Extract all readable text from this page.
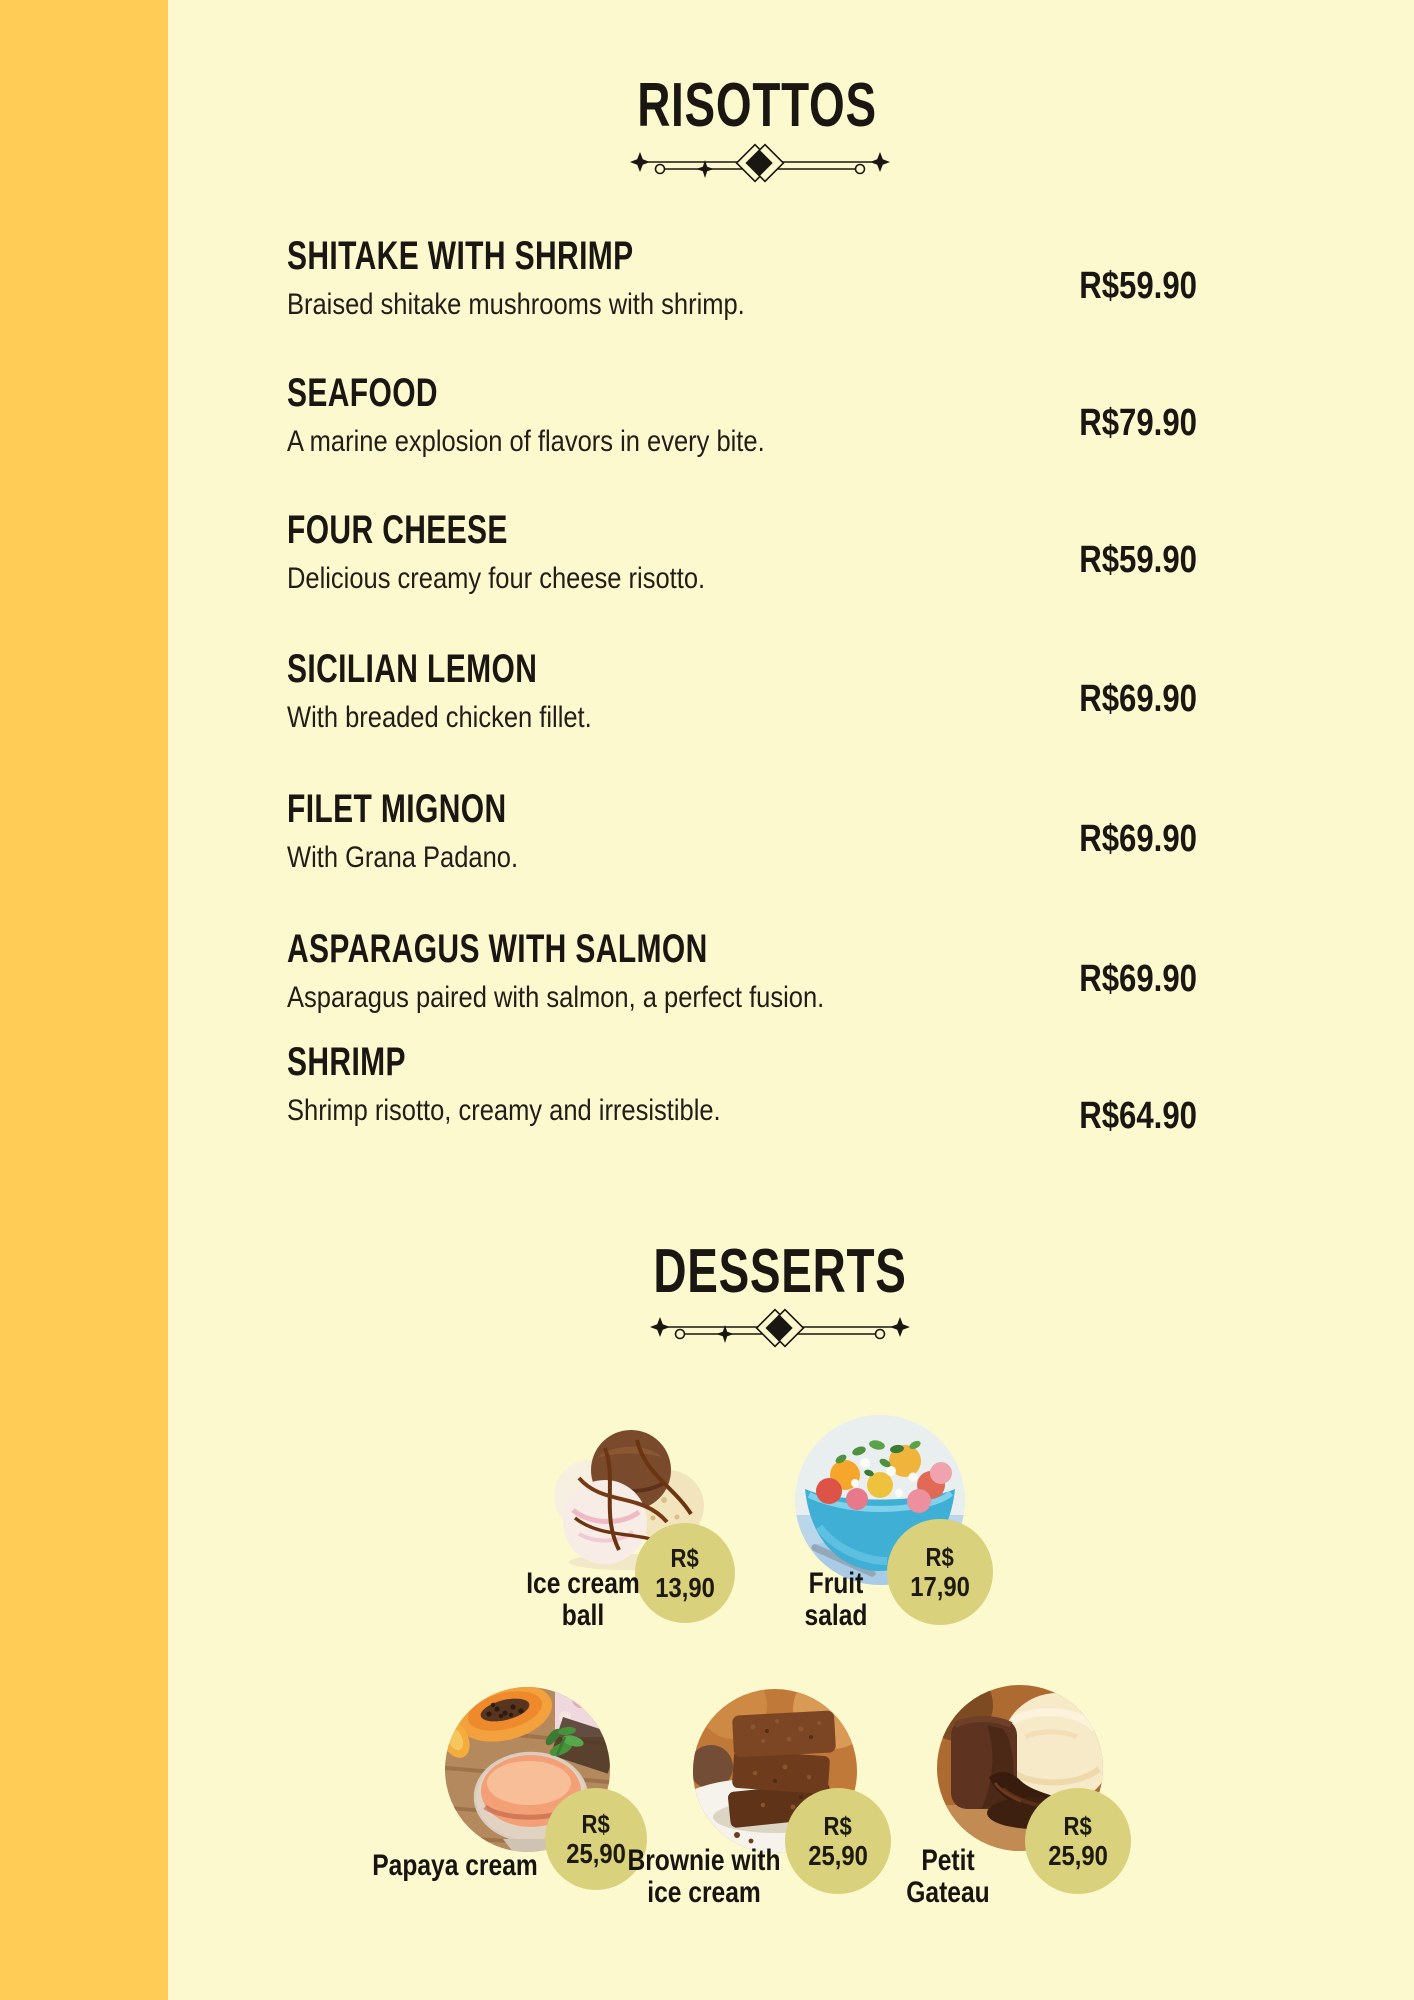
RISOTTOS
SHITAKE WITH SHRIMP
Braised shitake mushrooms with shrimp.	R$59.90
SEAFOOD
A marine explosion of flavors in every bite.	R$79.90
FOUR CHEESE
Delicious creamy four cheese risotto.	R$59.90
SICILIAN LEMON
With breaded chicken fillet.	R$69.90
FILET MIGNON
With Grana Padano.	R$69.90
ASPARAGUS WITH SALMON
Asparagus paired with salmon, a perfect fusion.	R$69.90
SHRIMP
Shrimp risotto, creamy and irresistible.	R$64.90
DESSERTS
R$
13,90
Ice cream ball
R$
17,90
Fruit salad
R$
25,90
Papaya cream
R$
25,90
Brownie with ice cream
R$
25,90
Petit Gateau
